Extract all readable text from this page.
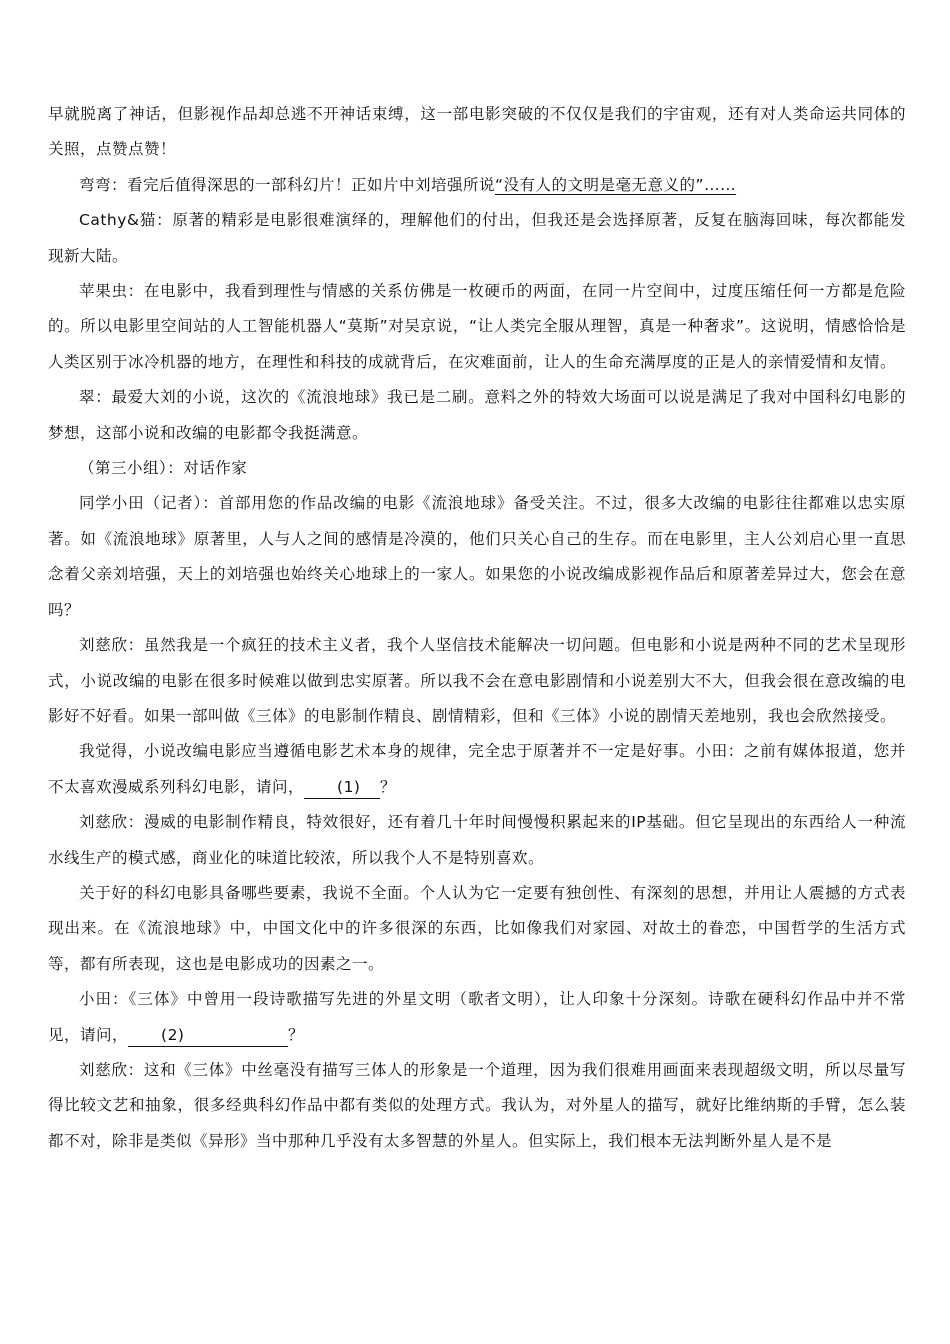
早就脱离了神话，但影视作品却总逃不开神话束缚，这一部电影突破的不仅仅是我们的宇宙观，还有对人类命运共同体的关照，点赞点赞！

弯弯：看完后值得深思的一部科幻片！正如片中刘培强所说“没有人的文明是毫无意义的”……

Cathy&猫：原著的精彩是电影很难演绎的，理解他们的付出，但我还是会选择原著，反复在脑海回味，每次都能发现新大陆。

苹果虫：在电影中，我看到理性与情感的关系仿佛是一枚硬币的两面，在同一片空间中，过度压缩任何一方都是危险的。所以电影里空间站的人工智能机器人“莫斯”对吴京说，“让人类完全服从理智，真是一种奢求”。这说明，情感恰恰是人类区别于冰冷机器的地方，在理性和科技的成就背后，在灾难面前，让人的生命充满厚度的正是人的亲情爱情和友情。

翠：最爱大刘的小说，这次的《流浪地球》我已是二刷。意料之外的特效大场面可以说是满足了我对中国科幻电影的梦想，这部小说和改编的电影都令我挺满意。

（第三小组）：对话作家

同学小田（记者）：首部用您的作品改编的电影《流浪地球》备受关注。不过，很多大改编的电影往往都难以忠实原著。如《流浪地球》原著里，人与人之间的感情是冷漠的，他们只关心自己的生存。而在电影里，主人公刘启心里一直思念着父亲刘培强，天上的刘培强也始终关心地球上的一家人。如果您的小说改编成影视作品后和原著差异过大，您会在意吗？

刘慈欣：虽然我是一个疯狂的技术主义者，我个人坚信技术能解决一切问题。但电影和小说是两种不同的艺术呈现形式，小说改编的电影在很多时候难以做到忠实原著。所以我不会在意电影剧情和小说差别大不大，但我会很在意改编的电影好不好看。如果一部叫做《三体》的电影制作精良、剧情精彩，但和《三体》小说的剧情天差地别，我也会欣然接受。

我觉得，小说改编电影应当遵循电影艺术本身的规律，完全忠于原著并不一定是好事。小田：之前有媒体报道，您并不太喜欢漫威系列科幻电影，请问， (1) ？

刘慈欣：漫威的电影制作精良，特效很好，还有着几十年时间慢慢积累起来的IP基础。但它呈现出的东西给人一种流水线生产的模式感，商业化的味道比较浓，所以我个人不是特别喜欢。

关于好的科幻电影具备哪些要素，我说不全面。个人认为它一定要有独创性、有深刻的思想，并用让人震撼的方式表现出来。在《流浪地球》中，中国文化中的许多很深的东西，比如像我们对家园、对故土的眷恋，中国哲学的生活方式等，都有所表现，这也是电影成功的因素之一。

小田：《三体》中曾用一段诗歌描写先进的外星文明（歌者文明），让人印象十分深刻。诗歌在硬科幻作品中并不常见，请问， (2)	？

刘慈欣：这和《三体》中丝毫没有描写三体人的形象是一个道理，因为我们很难用画面来表现超级文明，所以尽量写得比较文艺和抽象，很多经典科幻作品中都有类似的处理方式。我认为，对外星人的描写，就好比维纳斯的手臂，怎么装都不对，除非是类似《异形》当中那种几乎没有太多智慧的外星人。但实际上，我们根本无法判断外星人是不是
